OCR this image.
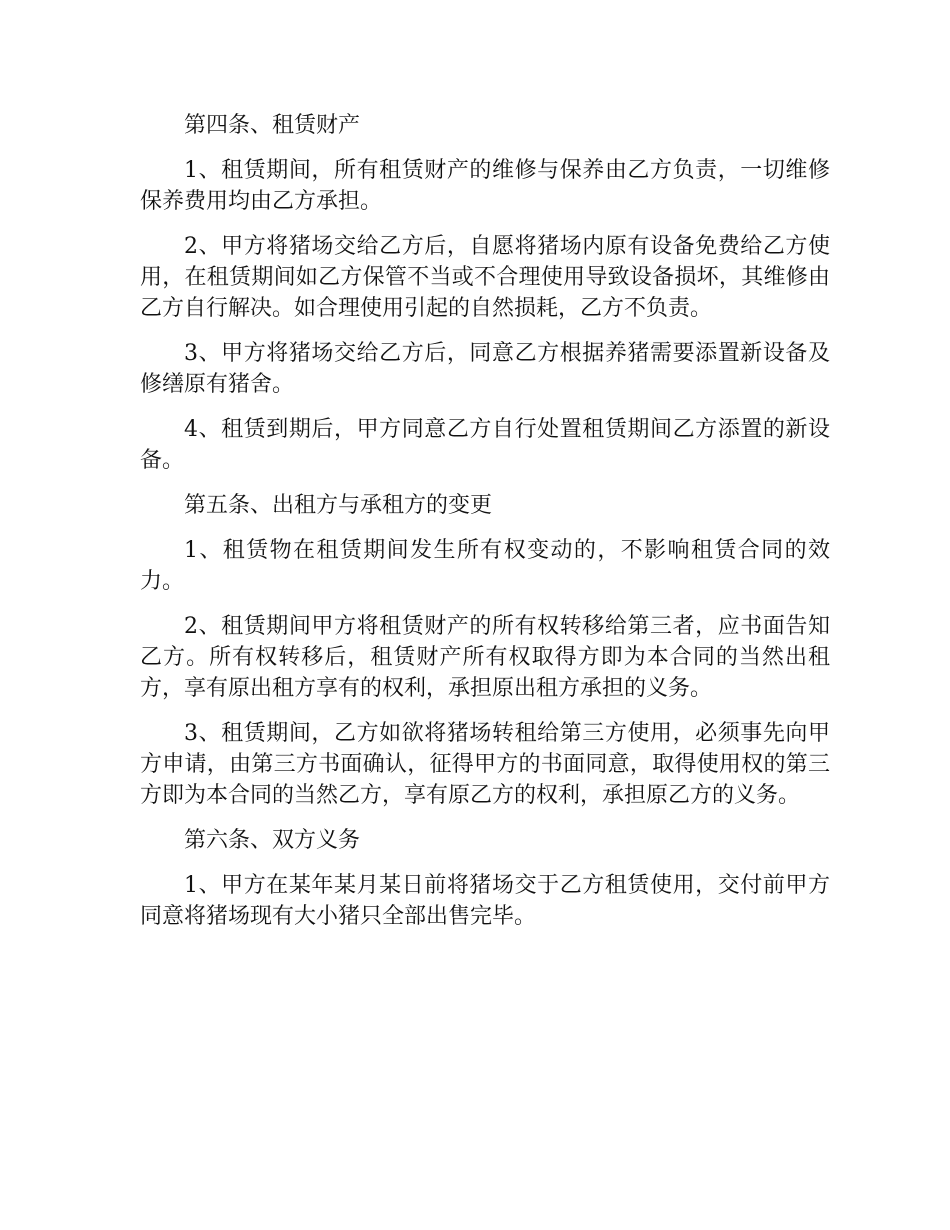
第四条、租赁财产

1、租赁期间，所有租赁财产的维修与保养由乙方负责，一切维修保养费用均由乙方承担。

2、甲方将猪场交给乙方后，自愿将猪场内原有设备免费给乙方使用，在租赁期间如乙方保管不当或不合理使用导致设备损坏，其维修由乙方自行解决。如合理使用引起的自然损耗，乙方不负责。

3、甲方将猪场交给乙方后，同意乙方根据养猪需要添置新设备及修缮原有猪舍。

4、租赁到期后，甲方同意乙方自行处置租赁期间乙方添置的新设备。

第五条、出租方与承租方的变更

1、租赁物在租赁期间发生所有权变动的，不影响租赁合同的效力。

2、租赁期间甲方将租赁财产的所有权转移给第三者，应书面告知乙方。所有权转移后，租赁财产所有权取得方即为本合同的当然出租方，享有原出租方享有的权利，承担原出租方承担的义务。

3、租赁期间，乙方如欲将猪场转租给第三方使用，必须事先向甲方申请，由第三方书面确认，征得甲方的书面同意，取得使用权的第三方即为本合同的当然乙方，享有原乙方的权利，承担原乙方的义务。

第六条、双方义务

1、甲方在某年某月某日前将猪场交于乙方租赁使用，交付前甲方同意将猪场现有大小猪只全部出售完毕。
